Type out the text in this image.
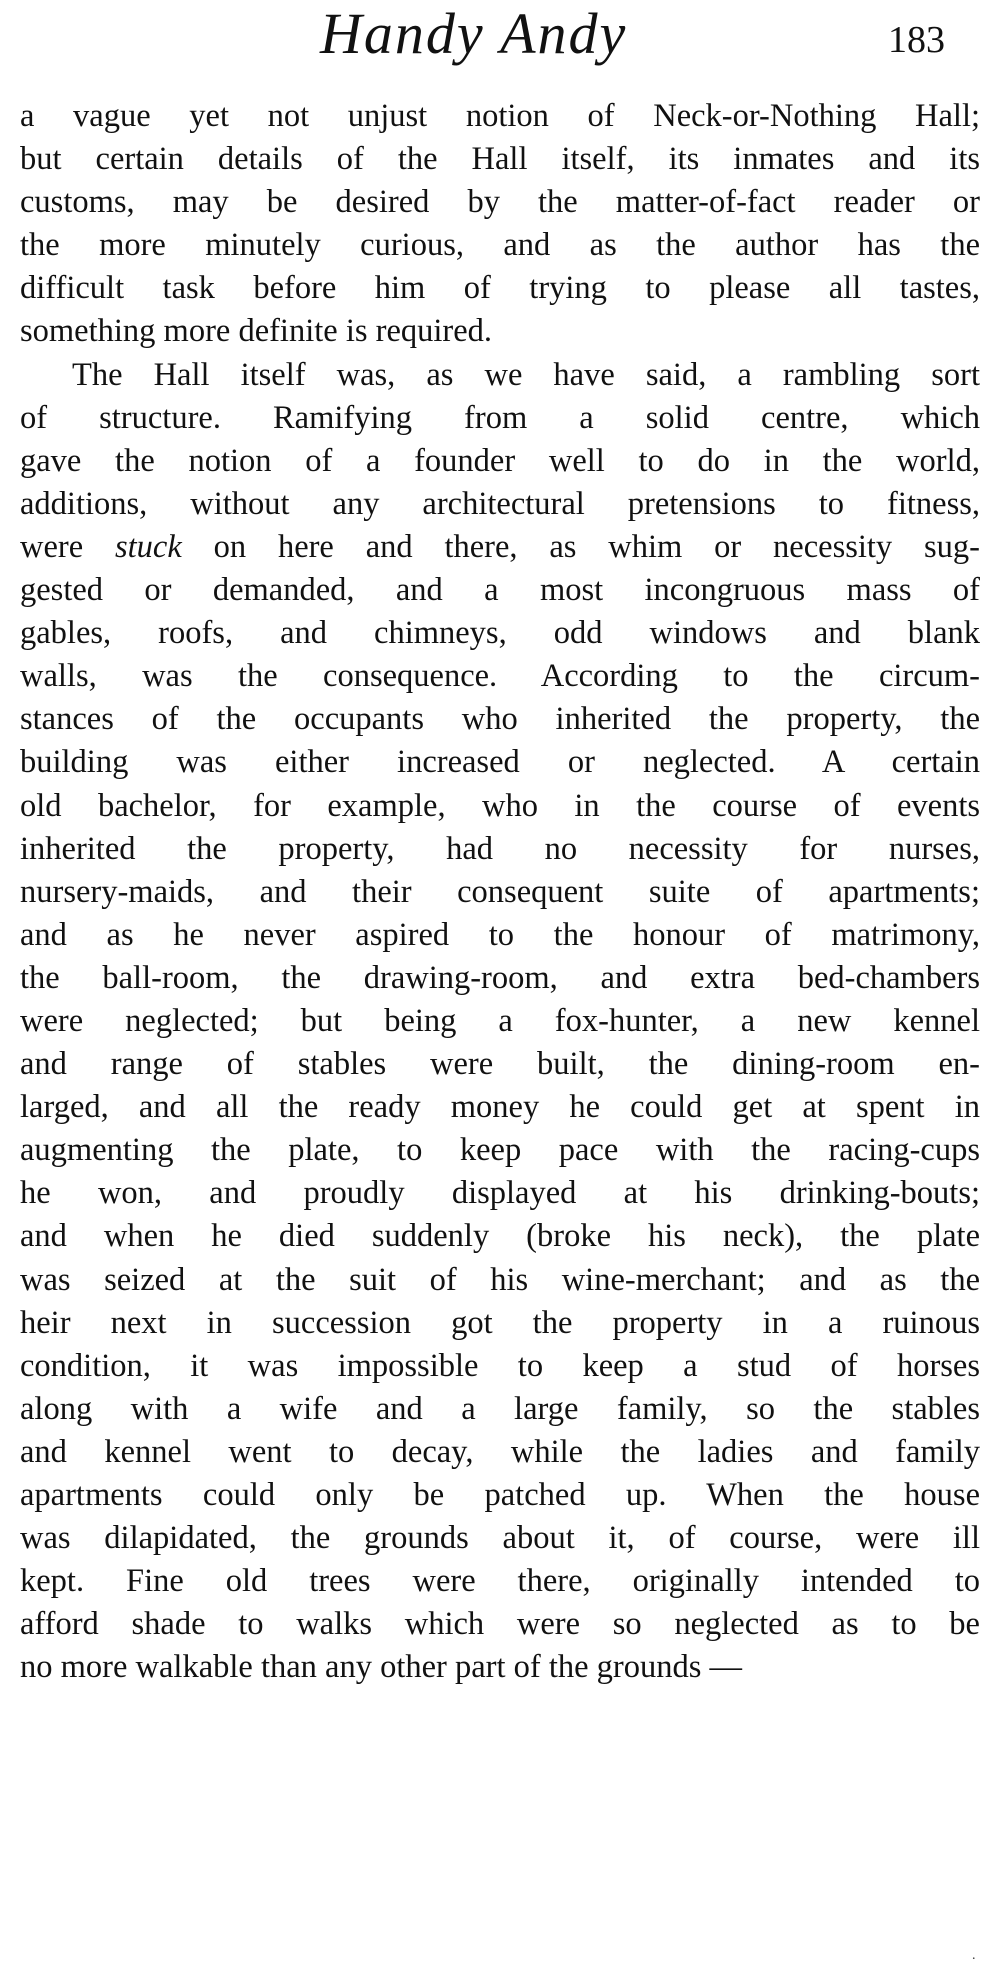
Handy Andy	183
a vague yet not unjust notion of Neck-or-Nothing Hall;
but certain details of the Hall itself, its inmates and its
customs, may be desired by the matter-of-fact reader or
the more minutely curious, and as the author has the
difficult task before him of trying to please all tastes,
something more definite is required.
The Hall itself was, as we have said, a rambling sort
of structure. Ramifying from a solid centre, which
gave the notion of a founder well to do in the world,
additions, without any architectural pretensions to fitness,
were stuck on here and there, as whim or necessity sug-
gested or demanded, and a most incongruous mass of
gables, roofs, and chimneys, odd windows and blank
walls, was the consequence. According to the circum-
stances of the occupants who inherited the property, the
building was either increased or neglected. A certain
old bachelor, for example, who in the course of events
inherited the property, had no necessity for nurses,
nursery-maids, and their consequent suite of apartments;
and as he never aspired to the honour of matrimony,
the ball-room, the drawing-room, and extra bed-chambers
were neglected; but being a fox-hunter, a new kennel
and range of stables were built, the dining-room en-
larged, and all the ready money he could get at spent in
augmenting the plate, to keep pace with the racing-cups
he won, and proudly displayed at his drinking-bouts;
and when he died suddenly (broke his neck), the plate
was seized at the suit of his wine-merchant; and as the
heir next in succession got the property in a ruinous
condition, it was impossible to keep a stud of horses
along with a wife and a large family, so the stables
and kennel went to decay, while the ladies and family
apartments could only be patched up. When the house
was dilapidated, the grounds about it, of course, were ill
kept. Fine old trees were there, originally intended to
afford shade to walks which were so neglected as to be
no more walkable than any other part of the grounds —
.
